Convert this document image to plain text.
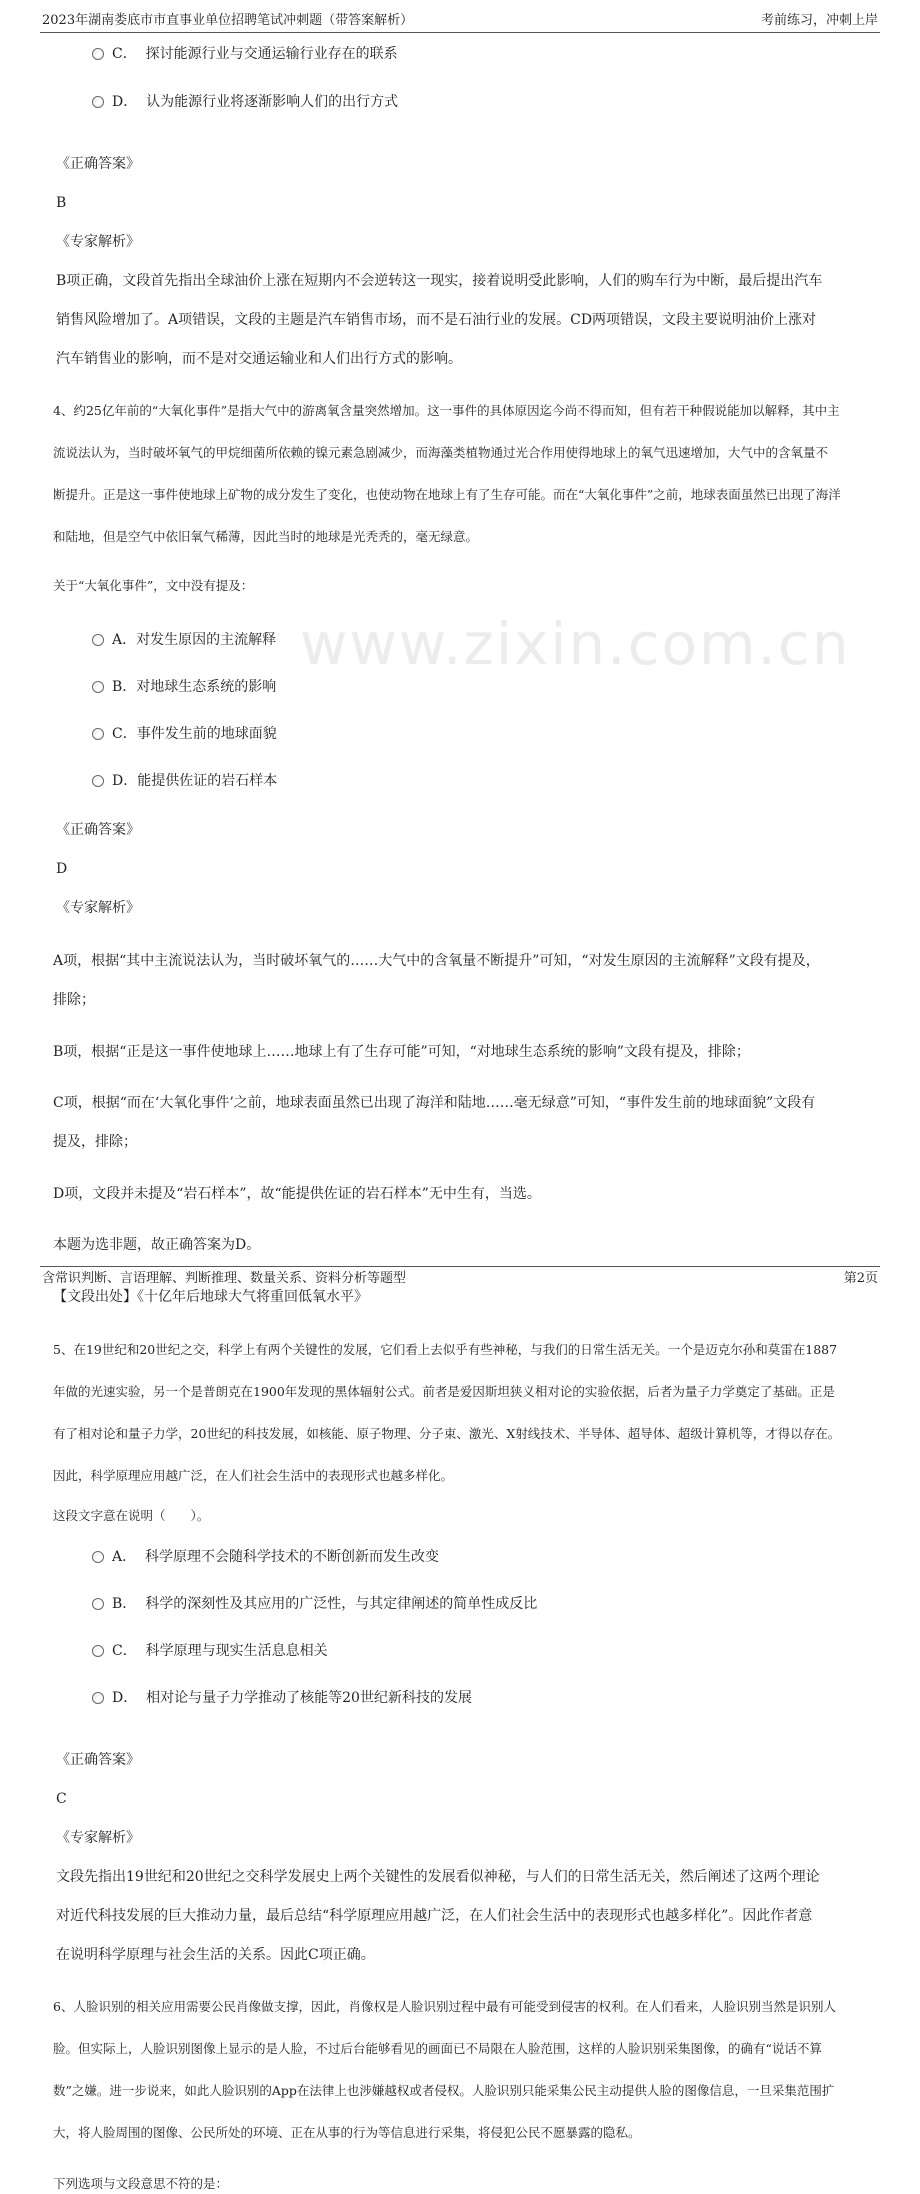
2023年湖南娄底市市直事业单位招聘笔试冲刺题（带答案解析）	考前练习，冲刺上岸
www.zixin.com.cn
C． 探讨能源行业与交通运输行业存在的联系
D． 认为能源行业将逐渐影响人们的出行方式
《正确答案》
B
《专家解析》
B项正确，文段首先指出全球油价上涨在短期内不会逆转这一现实，接着说明受此影响，人们的购车行为中断，最后提出汽车
销售风险增加了。A项错误，文段的主题是汽车销售市场，而不是石油行业的发展。CD两项错误，文段主要说明油价上涨对
汽车销售业的影响，而不是对交通运输业和人们出行方式的影响。
4、约25亿年前的“大氧化事件”是指大气中的游离氧含量突然增加。这一事件的具体原因迄今尚不得而知，但有若干种假说能加以解释，其中主
流说法认为，当时破坏氧气的甲烷细菌所依赖的镍元素急剧减少，而海藻类植物通过光合作用使得地球上的氧气迅速增加，大气中的含氧量不
断提升。正是这一事件使地球上矿物的成分发生了变化，也使动物在地球上有了生存可能。而在“大氧化事件”之前，地球表面虽然已出现了海洋
和陆地，但是空气中依旧氧气稀薄，因此当时的地球是光秃秃的，毫无绿意。
关于“大氧化事件”，文中没有提及：
A．对发生原因的主流解释
B．对地球生态系统的影响
C．事件发生前的地球面貌
D．能提供佐证的岩石样本
《正确答案》
D
《专家解析》
A项，根据“其中主流说法认为，当时破坏氧气的……大气中的含氧量不断提升”可知，“对发生原因的主流解释”文段有提及，
排除；
B项，根据“正是这一事件使地球上……地球上有了生存可能”可知，“对地球生态系统的影响”文段有提及，排除；
C项，根据“而在‘大氧化事件’之前，地球表面虽然已出现了海洋和陆地……毫无绿意”可知，“事件发生前的地球面貌”文段有
提及，排除；
D项，文段并未提及“岩石样本”，故“能提供佐证的岩石样本”无中生有，当选。
本题为选非题，故正确答案为D。
【文段出处】《十亿年后地球大气将重回低氧水平》
5、在19世纪和20世纪之交，科学上有两个关键性的发展，它们看上去似乎有些神秘，与我们的日常生活无关。一个是迈克尔孙和莫雷在1887
年做的光速实验，另一个是普朗克在1900年发现的黑体辐射公式。前者是爱因斯坦狭义相对论的实验依据，后者为量子力学奠定了基础。正是
有了相对论和量子力学，20世纪的科技发展，如核能、原子物理、分子束、激光、X射线技术、半导体、超导体、超级计算机等，才得以存在。
因此，科学原理应用越广泛，在人们社会生活中的表现形式也越多样化。
这段文字意在说明（　　）。
A． 科学原理不会随科学技术的不断创新而发生改变
B． 科学的深刻性及其应用的广泛性，与其定律阐述的简单性成反比
C． 科学原理与现实生活息息相关
D． 相对论与量子力学推动了核能等20世纪新科技的发展
《正确答案》
C
《专家解析》
文段先指出19世纪和20世纪之交科学发展史上两个关键性的发展看似神秘，与人们的日常生活无关，然后阐述了这两个理论
对近代科技发展的巨大推动力量，最后总结“科学原理应用越广泛，在人们社会生活中的表现形式也越多样化”。因此作者意
在说明科学原理与社会生活的关系。因此C项正确。
6、人脸识别的相关应用需要公民肖像做支撑，因此，肖像权是人脸识别过程中最有可能受到侵害的权利。在人们看来，人脸识别当然是识别人
脸。但实际上，人脸识别图像上显示的是人脸，不过后台能够看见的画面已不局限在人脸范围，这样的人脸识别采集图像，的确有“说话不算
数”之嫌。进一步说来，如此人脸识别的App在法律上也涉嫌越权或者侵权。人脸识别只能采集公民主动提供人脸的图像信息，一旦采集范围扩
大，将人脸周围的图像、公民所处的环境、正在从事的行为等信息进行采集，将侵犯公民不愿暴露的隐私。
下列选项与文段意思不符的是：
含常识判断、言语理解、判断推理、数量关系、资料分析等题型	第2页
